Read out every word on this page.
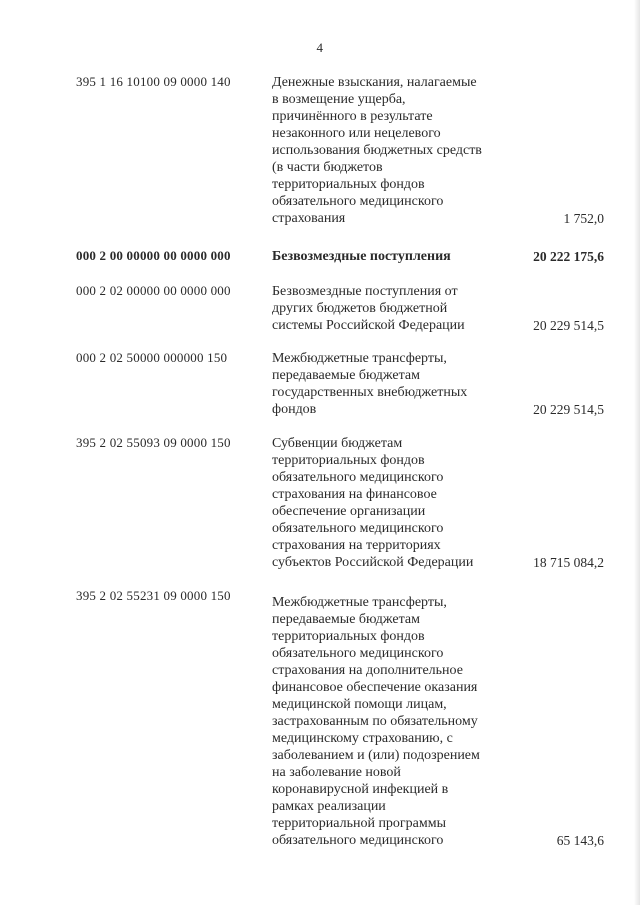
4
395 1 16 10100 09 0000 140	Денежные взыскания, налагаемые
в возмещение ущерба,
причинённого в результате
незаконного или нецелевого
использования бюджетных средств
(в части бюджетов
территориальных фондов
обязательного медицинского
страхования	1 752,0
000 2 00 00000 00 0000 000	Безвозмездные поступления	20 222 175,6
000 2 02 00000 00 0000 000	Безвозмездные поступления от
других бюджетов бюджетной
системы Российской Федерации	20 229 514,5
000 2 02 50000 000000 150	Межбюджетные трансферты,
передаваемые бюджетам
государственных внебюджетных
фондов	20 229 514,5
395 2 02 55093 09 0000 150	Субвенции бюджетам
территориальных фондов
обязательного медицинского
страхования на финансовое
обеспечение организации
обязательного медицинского
страхования на территориях
субъектов Российской Федерации	18 715 084,2
395 2 02 55231 09 0000 150	Межбюджетные трансферты,
передаваемые бюджетам
территориальных фондов
обязательного медицинского
страхования на дополнительное
финансовое обеспечение оказания
медицинской помощи лицам,
застрахованным по обязательному
медицинскому страхованию, с
заболеванием и (или) подозрением
на заболевание новой
коронавирусной инфекцией в
рамках реализации
территориальной программы
обязательного медицинского	65 143,6
